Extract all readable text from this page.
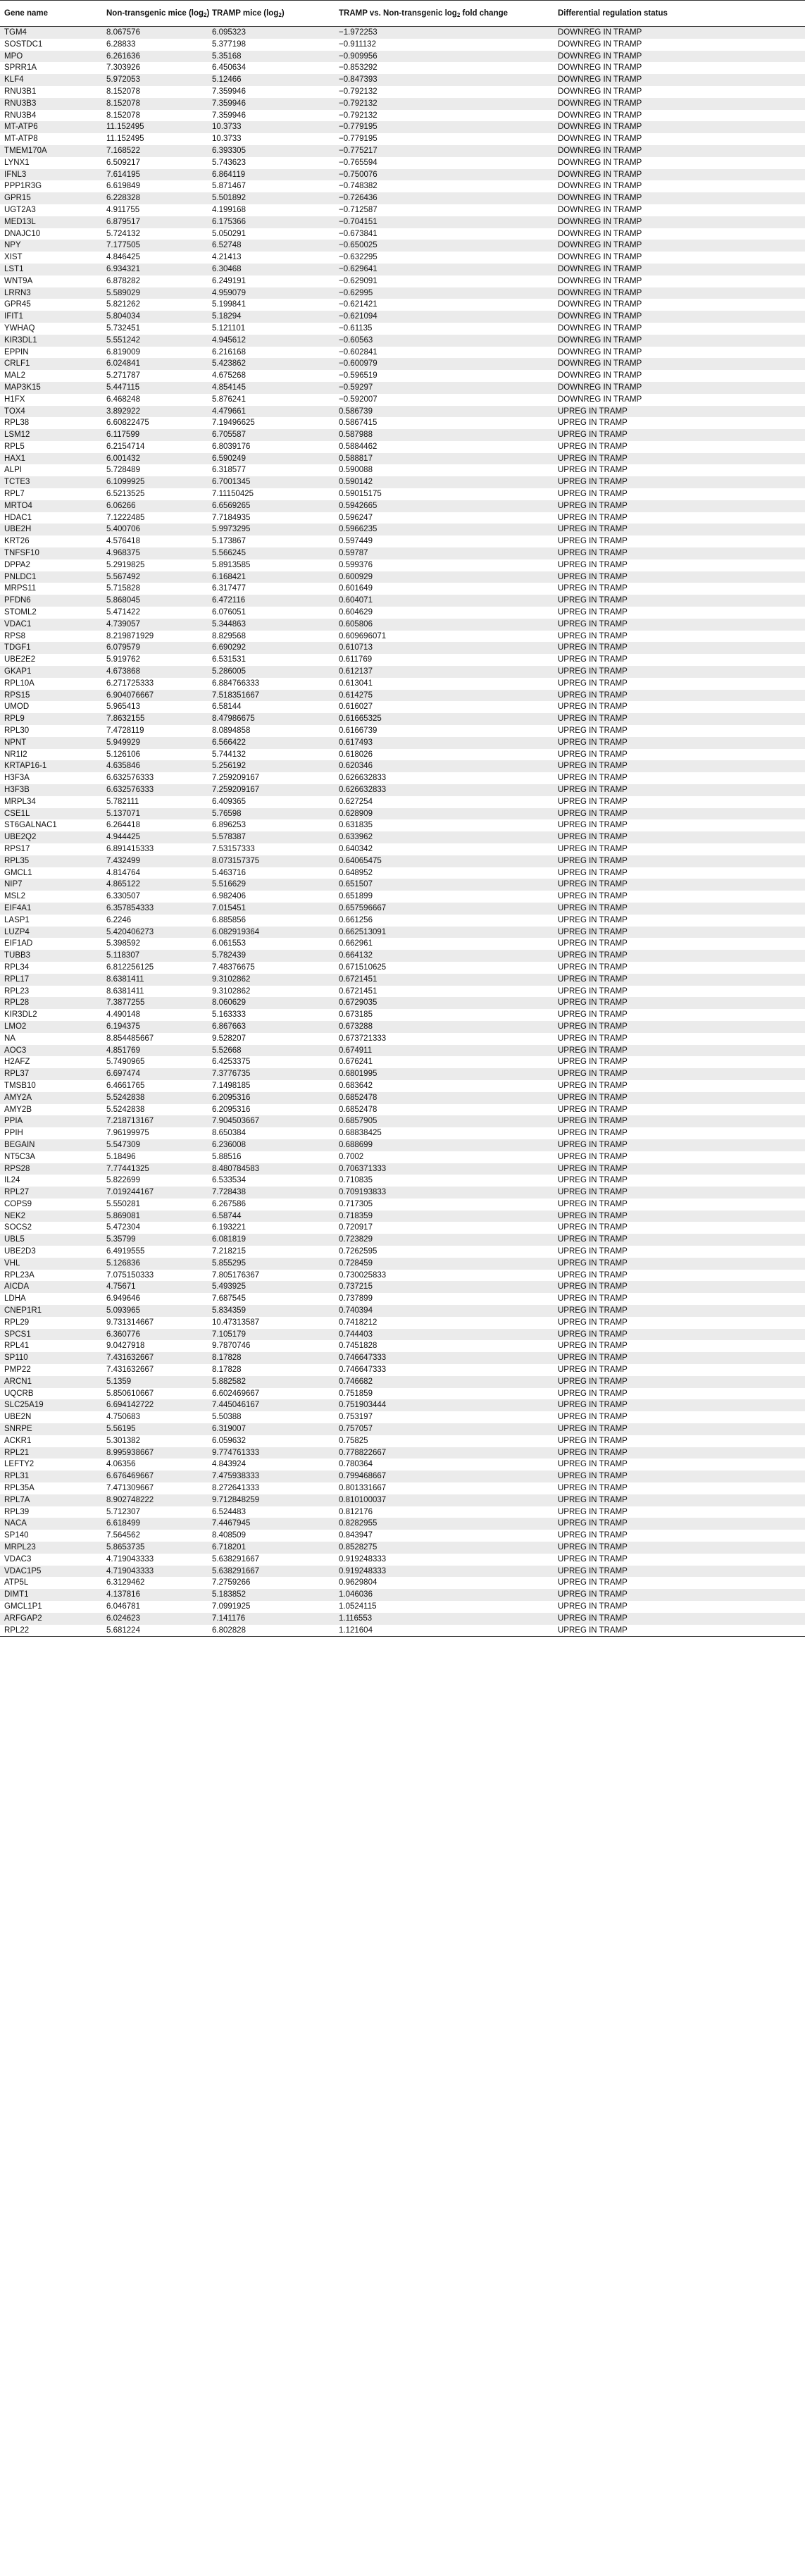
Gene name	Non-transgenic mice $(\log_2)$	TRAMP mice $(\log_2)$	TRAMP vs. Non-transgenic $\log_2$ fold change	Differential regulation status
TGM4	8.067576	6.095323	−1.972253	DOWNREG IN TRAMP
SOSTDC1	6.28833	5.377198	−0.911132	DOWNREG IN TRAMP
MPO	6.261636	5.35168	−0.909956	DOWNREG IN TRAMP
SPRR1A	7.303926	6.450634	−0.853292	DOWNREG IN TRAMP
KLF4	5.972053	5.12466	−0.847393	DOWNREG IN TRAMP
RNU3B1	8.152078	7.359946	−0.792132	DOWNREG IN TRAMP
RNU3B3	8.152078	7.359946	−0.792132	DOWNREG IN TRAMP
RNU3B4	8.152078	7.359946	−0.792132	DOWNREG IN TRAMP
MT-ATP6	11.152495	10.3733	−0.779195	DOWNREG IN TRAMP
MT-ATP8	11.152495	10.3733	−0.779195	DOWNREG IN TRAMP
TMEM170A	7.168522	6.393305	−0.775217	DOWNREG IN TRAMP
LYNX1	6.509217	5.743623	−0.765594	DOWNREG IN TRAMP
IFNL3	7.614195	6.864119	−0.750076	DOWNREG IN TRAMP
PPP1R3G	6.619849	5.871467	−0.748382	DOWNREG IN TRAMP
GPR15	6.228328	5.501892	−0.726436	DOWNREG IN TRAMP
UGT2A3	4.911755	4.199168	−0.712587	DOWNREG IN TRAMP
MED13L	6.879517	6.175366	−0.704151	DOWNREG IN TRAMP
DNAJC10	5.724132	5.050291	−0.673841	DOWNREG IN TRAMP
NPY	7.177505	6.52748	−0.650025	DOWNREG IN TRAMP
XIST	4.846425	4.21413	−0.632295	DOWNREG IN TRAMP
LST1	6.934321	6.30468	−0.629641	DOWNREG IN TRAMP
WNT9A	6.878282	6.249191	−0.629091	DOWNREG IN TRAMP
LRRN3	5.589029	4.959079	−0.62995	DOWNREG IN TRAMP
GPR45	5.821262	5.199841	−0.621421	DOWNREG IN TRAMP
IFIT1	5.804034	5.18294	−0.621094	DOWNREG IN TRAMP
YWHAQ	5.732451	5.121101	−0.61135	DOWNREG IN TRAMP
KIR3DL1	5.551242	4.945612	−0.60563	DOWNREG IN TRAMP
EPPIN	6.819009	6.216168	−0.602841	DOWNREG IN TRAMP
CRLF1	6.024841	5.423862	−0.600979	DOWNREG IN TRAMP
MAL2	5.271787	4.675268	−0.596519	DOWNREG IN TRAMP
MAP3K15	5.447115	4.854145	−0.59297	DOWNREG IN TRAMP
H1FX	6.468248	5.876241	−0.592007	DOWNREG IN TRAMP
TOX4	3.892922	4.479661	0.586739	UPREG IN TRAMP
RPL38	6.60822475	7.19496625	0.5867415	UPREG IN TRAMP
LSM12	6.117599	6.705587	0.587988	UPREG IN TRAMP
RPL5	6.2154714	6.8039176	0.5884462	UPREG IN TRAMP
HAX1	6.001432	6.590249	0.588817	UPREG IN TRAMP
ALPI	5.728489	6.318577	0.590088	UPREG IN TRAMP
TCTE3	6.1099925	6.7001345	0.590142	UPREG IN TRAMP
RPL7	6.5213525	7.11150425	0.59015175	UPREG IN TRAMP
MRTO4	6.06266	6.6569265	0.5942665	UPREG IN TRAMP
HDAC1	7.1222485	7.7184935	0.596247	UPREG IN TRAMP
UBE2H	5.400706	5.9973295	0.5966235	UPREG IN TRAMP
KRT26	4.576418	5.173867	0.597449	UPREG IN TRAMP
TNFSF10	4.968375	5.566245	0.59787	UPREG IN TRAMP
DPPA2	5.2919825	5.8913585	0.599376	UPREG IN TRAMP
PNLDC1	5.567492	6.168421	0.600929	UPREG IN TRAMP
MRPS11	5.715828	6.317477	0.601649	UPREG IN TRAMP
PFDN6	5.868045	6.472116	0.604071	UPREG IN TRAMP
STOML2	5.471422	6.076051	0.604629	UPREG IN TRAMP
VDAC1	4.739057	5.344863	0.605806	UPREG IN TRAMP
RPS8	8.219871929	8.829568	0.609696071	UPREG IN TRAMP
TDGF1	6.079579	6.690292	0.610713	UPREG IN TRAMP
UBE2E2	5.919762	6.531531	0.611769	UPREG IN TRAMP
GKAP1	4.673868	5.286005	0.612137	UPREG IN TRAMP
RPL10A	6.271725333	6.884766333	0.613041	UPREG IN TRAMP
RPS15	6.904076667	7.518351667	0.614275	UPREG IN TRAMP
UMOD	5.965413	6.58144	0.616027	UPREG IN TRAMP
RPL9	7.8632155	8.47986675	0.61665325	UPREG IN TRAMP
RPL30	7.4728119	8.0894858	0.6166739	UPREG IN TRAMP
NPNT	5.949929	6.566422	0.617493	UPREG IN TRAMP
NR1I2	5.126106	5.744132	0.618026	UPREG IN TRAMP
KRTAP16-1	4.635846	5.256192	0.620346	UPREG IN TRAMP
H3F3A	6.632576333	7.259209167	0.626632833	UPREG IN TRAMP
H3F3B	6.632576333	7.259209167	0.626632833	UPREG IN TRAMP
MRPL34	5.782111	6.409365	0.627254	UPREG IN TRAMP
CSE1L	5.137071	5.76598	0.628909	UPREG IN TRAMP
ST6GALNAC1	6.264418	6.896253	0.631835	UPREG IN TRAMP
UBE2Q2	4.944425	5.578387	0.633962	UPREG IN TRAMP
RPS17	6.891415333	7.53157333	0.640342	UPREG IN TRAMP
RPL35	7.432499	8.073157375	0.64065475	UPREG IN TRAMP
GMCL1	4.814764	5.463716	0.648952	UPREG IN TRAMP
NIP7	4.865122	5.516629	0.651507	UPREG IN TRAMP
MSL2	6.330507	6.982406	0.651899	UPREG IN TRAMP
EIF4A1	6.357854333	7.015451	0.657596667	UPREG IN TRAMP
LASP1	6.2246	6.885856	0.661256	UPREG IN TRAMP
LUZP4	5.420406273	6.082919364	0.662513091	UPREG IN TRAMP
EIF1AD	5.398592	6.061553	0.662961	UPREG IN TRAMP
TUBB3	5.118307	5.782439	0.664132	UPREG IN TRAMP
RPL34	6.812256125	7.48376675	0.671510625	UPREG IN TRAMP
RPL17	8.6381411	9.3102862	0.6721451	UPREG IN TRAMP
RPL23	8.6381411	9.3102862	0.6721451	UPREG IN TRAMP
RPL28	7.3877255	8.060629	0.6729035	UPREG IN TRAMP
KIR3DL2	4.490148	5.163333	0.673185	UPREG IN TRAMP
LMO2	6.194375	6.867663	0.673288	UPREG IN TRAMP
NA	8.854485667	9.528207	0.673721333	UPREG IN TRAMP
AOC3	4.851769	5.52668	0.674911	UPREG IN TRAMP
H2AFZ	5.7490965	6.4253375	0.676241	UPREG IN TRAMP
RPL37	6.697474	7.3776735	0.6801995	UPREG IN TRAMP
TMSB10	6.4661765	7.1498185	0.683642	UPREG IN TRAMP
AMY2A	5.5242838	6.2095316	0.6852478	UPREG IN TRAMP
AMY2B	5.5242838	6.2095316	0.6852478	UPREG IN TRAMP
PPIA	7.218713167	7.904503667	0.6857905	UPREG IN TRAMP
PPIH	7.96199975	8.650384	0.68838425	UPREG IN TRAMP
BEGAIN	5.547309	6.236008	0.688699	UPREG IN TRAMP
NT5C3A	5.18496	5.88516	0.7002	UPREG IN TRAMP
RPS28	7.77441325	8.480784583	0.706371333	UPREG IN TRAMP
IL24	5.822699	6.533534	0.710835	UPREG IN TRAMP
RPL27	7.019244167	7.728438	0.709193833	UPREG IN TRAMP
COPS9	5.550281	6.267586	0.717305	UPREG IN TRAMP
NEK2	5.869081	6.58744	0.718359	UPREG IN TRAMP
SOCS2	5.472304	6.193221	0.720917	UPREG IN TRAMP
UBL5	5.35799	6.081819	0.723829	UPREG IN TRAMP
UBE2D3	6.4919555	7.218215	0.7262595	UPREG IN TRAMP
VHL	5.126836	5.855295	0.728459	UPREG IN TRAMP
RPL23A	7.075150333	7.805176367	0.730025833	UPREG IN TRAMP
AICDA	4.75671	5.493925	0.737215	UPREG IN TRAMP
LDHA	6.949646	7.687545	0.737899	UPREG IN TRAMP
CNEP1R1	5.093965	5.834359	0.740394	UPREG IN TRAMP
RPL29	9.731314667	10.47313587	0.7418212	UPREG IN TRAMP
SPCS1	6.360776	7.105179	0.744403	UPREG IN TRAMP
RPL41	9.0427918	9.7870746	0.7451828	UPREG IN TRAMP
SP110	7.431632667	8.17828	0.746647333	UPREG IN TRAMP
PMP22	7.431632667	8.17828	0.746647333	UPREG IN TRAMP
ARCN1	5.1359	5.882582	0.746682	UPREG IN TRAMP
UQCRB	5.850610667	6.602469667	0.751859	UPREG IN TRAMP
SLC25A19	6.694142722	7.445046167	0.751903444	UPREG IN TRAMP
UBE2N	4.750683	5.50388	0.753197	UPREG IN TRAMP
SNRPE	5.56195	6.319007	0.757057	UPREG IN TRAMP
ACKR1	5.301382	6.059632	0.75825	UPREG IN TRAMP
RPL21	8.995938667	9.774761333	0.778822667	UPREG IN TRAMP
LEFTY2	4.06356	4.843924	0.780364	UPREG IN TRAMP
RPL31	6.676469667	7.475938333	0.799468667	UPREG IN TRAMP
RPL35A	7.471309667	8.272641333	0.801331667	UPREG IN TRAMP
RPL7A	8.902748222	9.712848259	0.810100037	UPREG IN TRAMP
RPL39	5.712307	6.524483	0.812176	UPREG IN TRAMP
NACA	6.618499	7.4467945	0.8282955	UPREG IN TRAMP
SP140	7.564562	8.408509	0.843947	UPREG IN TRAMP
MRPL23	5.8653735	6.718201	0.8528275	UPREG IN TRAMP
VDAC3	4.719043333	5.638291667	0.919248333	UPREG IN TRAMP
VDAC1P5	4.719043333	5.638291667	0.919248333	UPREG IN TRAMP
ATP5L	6.3129462	7.2759266	0.9629804	UPREG IN TRAMP
DIMT1	4.137816	5.183852	1.046036	UPREG IN TRAMP
GMCL1P1	6.046781	7.0991925	1.0524115	UPREG IN TRAMP
ARFGAP2	6.024623	7.141176	1.116553	UPREG IN TRAMP
RPL22	5.681224	6.802828	1.121604	UPREG IN TRAMP
